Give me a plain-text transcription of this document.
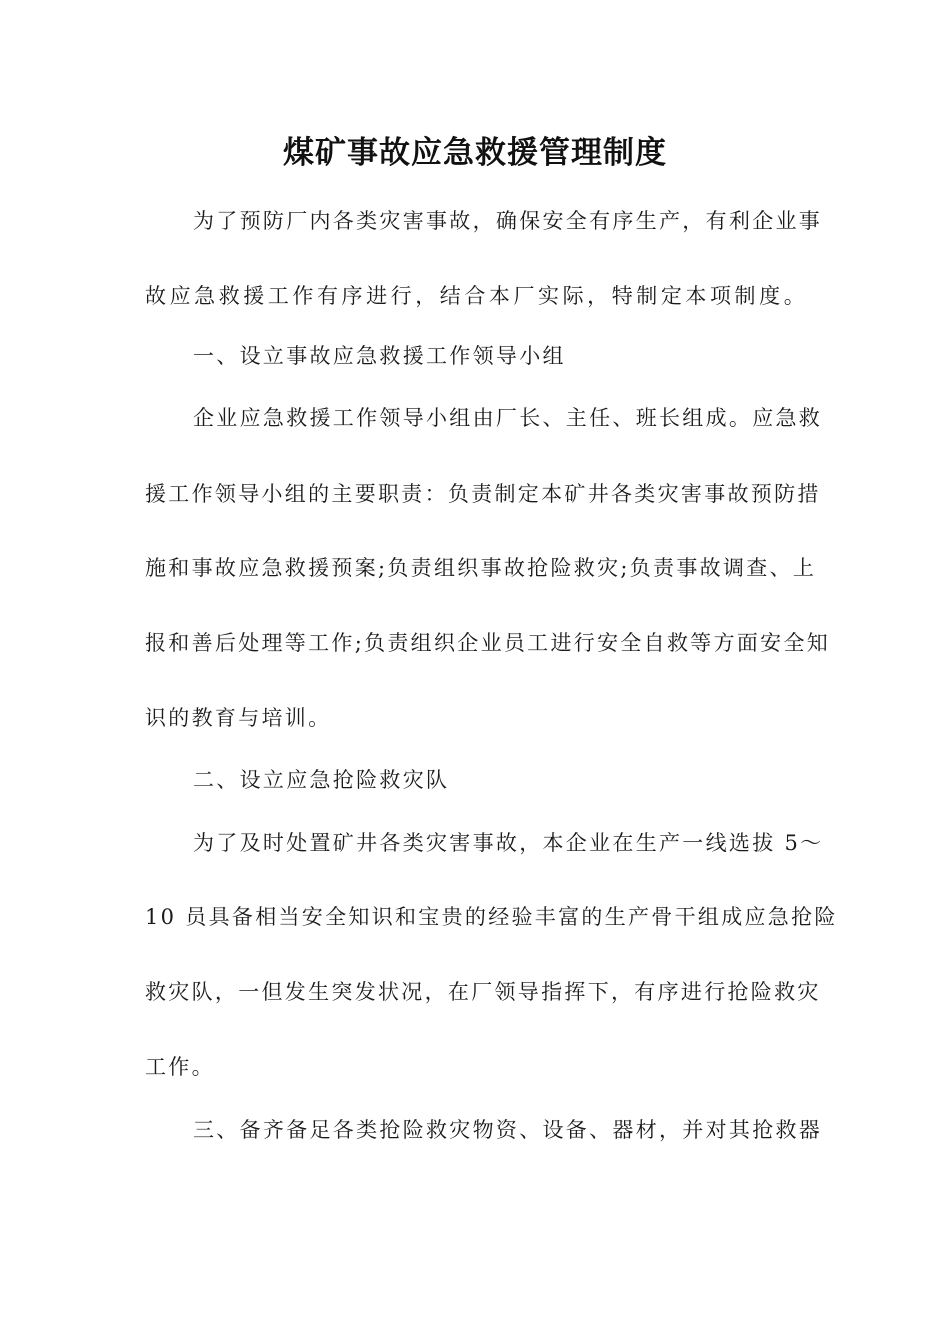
煤矿事故应急救援管理制度
为了预防厂内各类灾害事故，确保安全有序生产，有利企业事
故应急救援工作有序进行，结合本厂实际，特制定本项制度。
一、设立事故应急救援工作领导小组
企业应急救援工作领导小组由厂长、主任、班长组成。应急救
援工作领导小组的主要职责：负责制定本矿井各类灾害事故预防措
施和事故应急救援预案;负责组织事故抢险救灾;负责事故调查、上
报和善后处理等工作;负责组织企业员工进行安全自救等方面安全知
识的教育与培训。
二、设立应急抢险救灾队
为了及时处置矿井各类灾害事故，本企业在生产一线选拔 5～
10 员具备相当安全知识和宝贵的经验丰富的生产骨干组成应急抢险
救灾队，一但发生突发状况，在厂领导指挥下，有序进行抢险救灾
工作。
三、备齐备足各类抢险救灾物资、设备、器材，并对其抢救器
